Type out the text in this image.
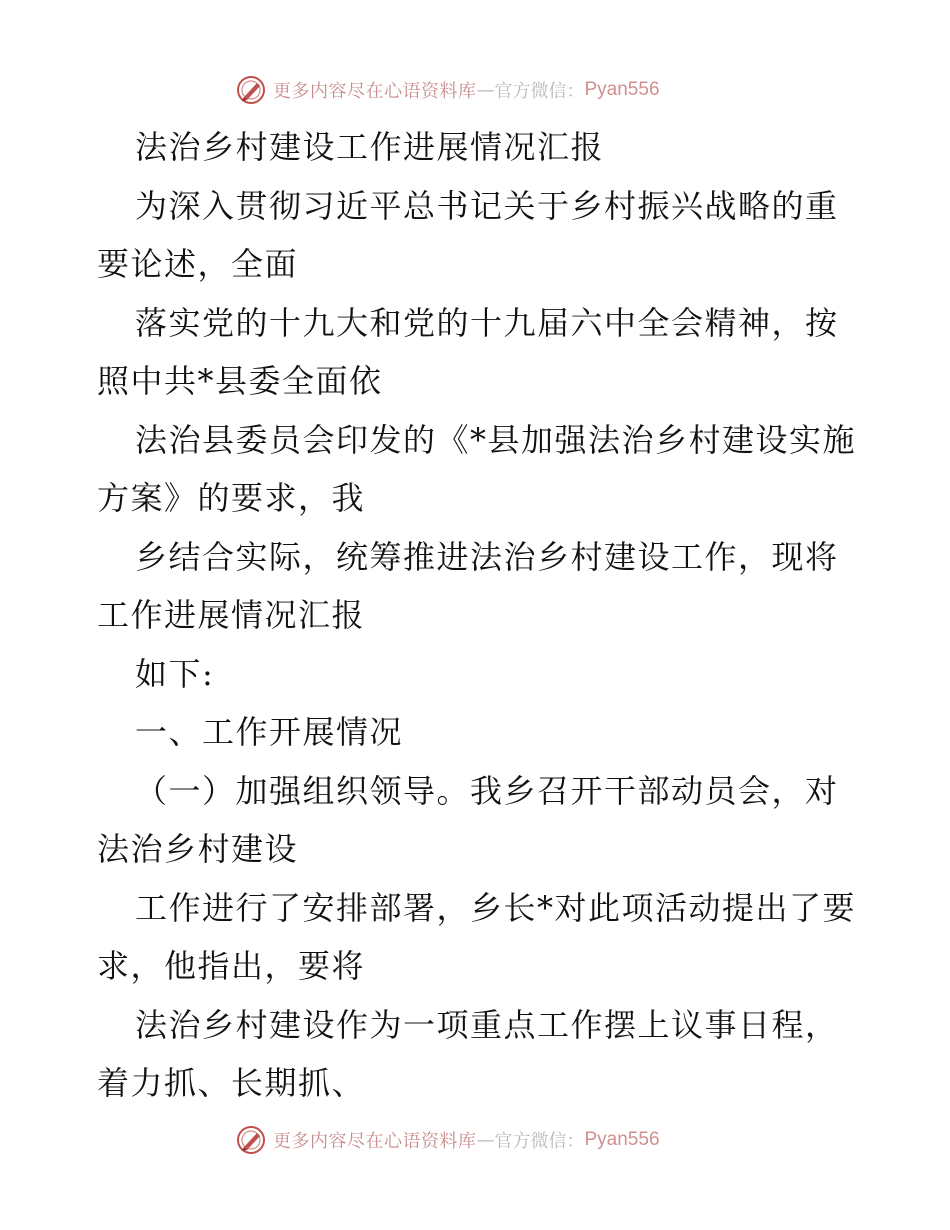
更多内容尽在心语资料库 — 官方微信： Pyan556

法治乡村建设工作进展情况汇报

为深入贯彻习近平总书记关于乡村振兴战略的重要论述，全面

落实党的十九大和党的十九届六中全会精神，按照中共*县委全面依

法治县委员会印发的《*县加强法治乡村建设实施方案》的要求，我

乡结合实际，统筹推进法治乡村建设工作，现将工作进展情况汇报

如下:

一、工作开展情况

（一）加强组织领导。我乡召开干部动员会，对法治乡村建设

工作进行了安排部署，乡长*对此项活动提出了要求，他指出，要将

法治乡村建设作为一项重点工作摆上议事日程，着力抓、长期抓、

更多内容尽在心语资料库 — 官方微信： Pyan556
